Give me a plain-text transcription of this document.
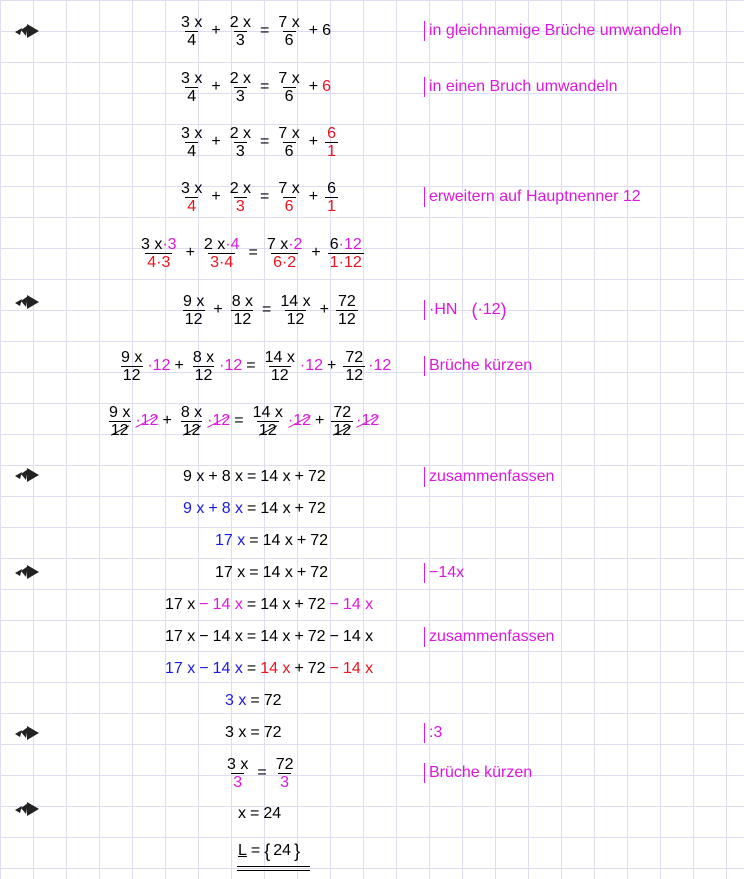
$\frac{3 x}{4} + \frac{2 x}{3} = \frac{7 x}{6} + 6$	in gleichnamige Brüche umwandeln
$\frac{3 x}{4} + \frac{2 x}{3} = \frac{7 x}{6} + 6$	in einen Bruch umwandeln
$\frac{3 x}{4} + \frac{2 x}{3} = \frac{7 x}{6} + \frac{6}{1}$
$\frac{3 x}{4} + \frac{2 x}{3} = \frac{7 x}{6} + \frac{6}{1}$	erweitern auf Hauptnenner 12
$\frac{3 x\cdot 3}{4\cdot 3} + \frac{2 x\cdot 4}{3\cdot 4} = \frac{7 x\cdot 2}{6\cdot 2} + \frac{6\cdot 12}{1\cdot 12}$
$\frac{9 x}{12} + \frac{8 x}{12} = \frac{14 x}{12} + \frac{72}{12}$	·HN ( ·12 )
$\frac{9 x}{12} \cdot 12 + \frac{8 x}{12} \cdot 12 = \frac{14 x}{12} \cdot 12 + \frac{72}{12} \cdot 12$ Brüche kürzen
$\frac{9 x}{12} \cdot 12 + \frac{8 x}{12} \cdot 12 = \frac{14 x}{12} \cdot 12 + \frac{72}{12} \cdot 12$
9 x + 8 x = 14 x + 72	zusammenfassen
9 x + 8 x = 14 x + 72
17 x = 14 x + 72
17 x = 14 x + 72	−14x
17 x − 14 x = 14 x + 72 − 14 x
17 x − 14 x = 14 x + 72 − 14 x	zusammenfassen
17 x − 14 x = 14 x + 72 − 14 x
3 x = 72
3 x = 72	:3
$\frac{3 x}{3} = \frac{72}{3}$	Brüche kürzen
x = 24
L = { 24 }
